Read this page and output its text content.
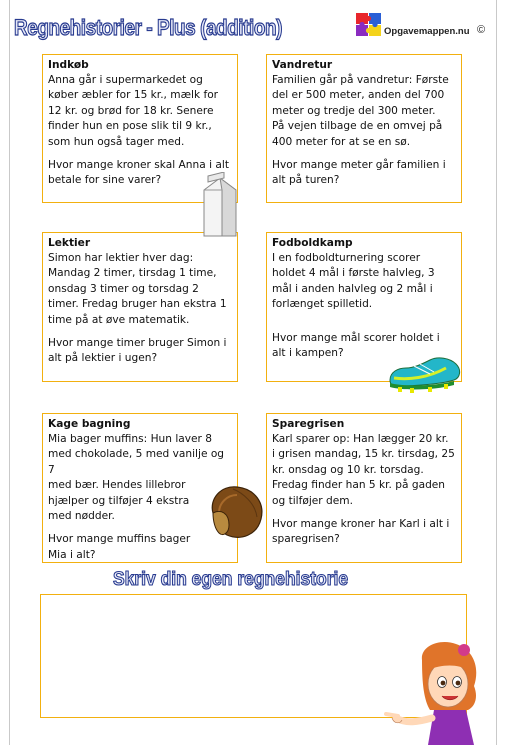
Regnehistorier - Plus (addition)	Opgavemappen.nu ©
Indkøb

Anna går i supermarkedet og
køber æbler for 15 kr., mælk for
12 kr. og brød for 18 kr. Senere
finder hun en pose slik til 9 kr.,
som hun også tager med.

Hvor mange kroner skal Anna i alt
betale for sine varer?

Vandretur

Familien går på vandretur: Første
del er 500 meter, anden del 700
meter og tredje del 300 meter.
På vejen tilbage de en omvej på
400 meter for at se en sø.

Hvor mange meter går familien i
alt på turen?

Lektier

Simon har lektier hver dag:
Mandag 2 timer, tirsdag 1 time,
onsdag 3 timer og torsdag 2
timer. Fredag bruger han ekstra 1
time på at øve matematik.

Hvor mange timer bruger Simon i
alt på lektier i ugen?

Fodboldkamp

I en fodboldturnering scorer
holdet 4 mål i første halvleg, 3
mål i anden halvleg og 2 mål i
forlænget spilletid.

Hvor mange mål scorer holdet i
alt i kampen?

Kage bagning

Mia bager muffins: Hun laver 8
med chokolade, 5 med vanilje og 7
med bær. Hendes lillebror
hjælper og tilføjer 4 ekstra
med nødder.

Hvor mange muffins bager
Mia i alt?

Sparegrisen

Karl sparer op: Han lægger 20 kr.
i grisen mandag, 15 kr. tirsdag, 25
kr. onsdag og 10 kr. torsdag.
Fredag finder han 5 kr. på gaden
og tilføjer dem.

Hvor mange kroner har Karl i alt i
sparegrisen?

Skriv din egen regnehistorie
